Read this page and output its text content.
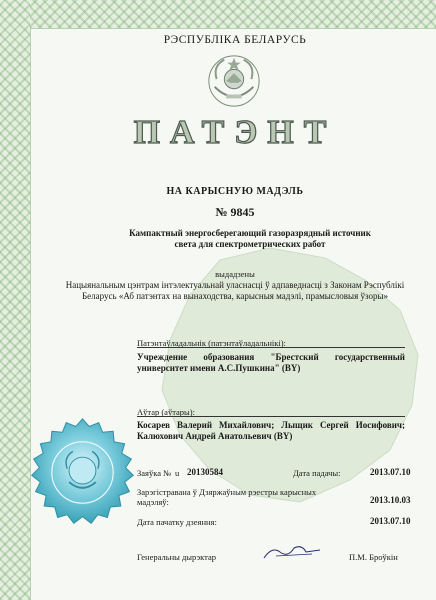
РЭСПУБЛІКА БЕЛАРУСЬ
ПАТЭНТ
НА КАРЫСНУЮ МАДЭЛЬ
№ 9845
Кампактный энергосберегающий газоразрядный источник света для спектрометрических работ
выдадзены
Нацыянальным цэнтрам інтэлектуальнай уласнасці ў адпаведнасці з Законам Рэспублікі Беларусь «Аб патэнтах на вынаходства, карысныя мадэлі, прамысловыя ўзоры»
Патэнтаўладальнік (патэнтаўладальнікі):
Учреждение образования "Брестский государственный университет имени А.С.Пушкина" (BY)
Аўтар (аўтары):
Косарев Валерий Михайлович; Лыщик Сергей Иосифович; Калюхович Андрей Анатольевич (BY)
Заяўка № u 20130584	Дата падачы:	2013.07.10
Зарэгістравана ў Дзяржаўным рэестры карысных мадэляў:	2013.10.03
Дата пачатку дзеяння:	2013.07.10
Генеральны дырэктар	П.М. Броўкін
